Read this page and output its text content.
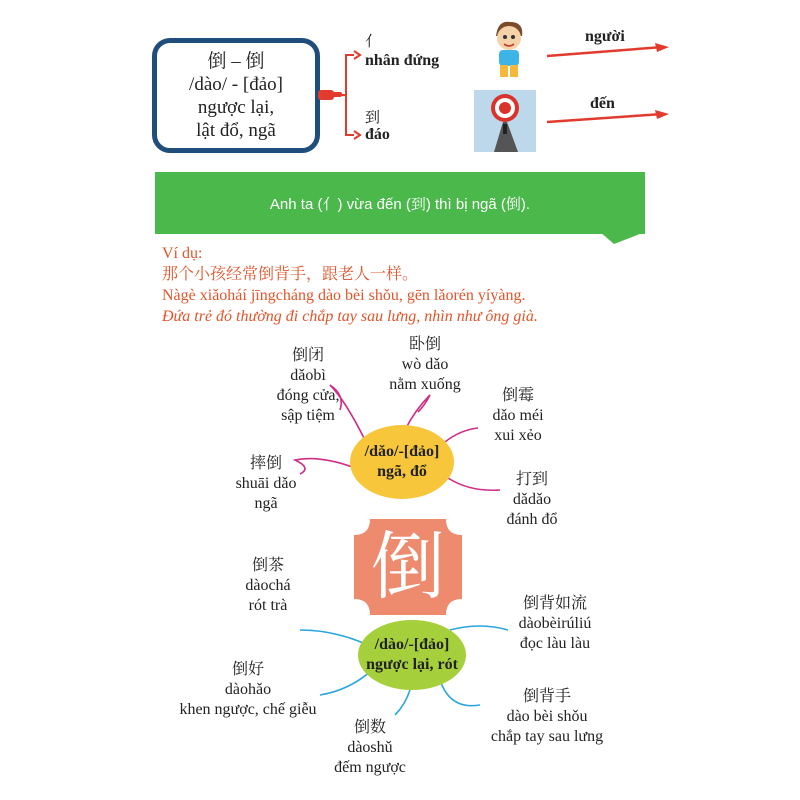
倒 – 倒
/dào/ - [đảo]
ngược lại,
lật đổ, ngã
亻
nhân đứng
到
đáo
người
đến
Anh ta (亻) vừa đến (到) thì bị ngã (倒).
Ví dụ:
那个小孩经常倒背手，跟老人一样。
Nàgè xiǎoháí jīngcháng dào bèi shǒu, gēn lǎorén yíyàng.
Đứa trẻ đó thường đi chắp tay sau lưng, nhìn như ông già.
倒
/dǎo/-[đảo]
ngã, đổ
/dào/-[đảo]
ngược lại, rót
倒闭
dǎobì
đóng cửa,
sập tiệm
卧倒
wò dǎo
nằm xuống
倒霉
dǎo méi
xui xẻo
摔倒
shuāi dǎo
ngã
打到
dǎdǎo
đánh đổ
倒茶
dàochá
rót trà	倒背如流
dàobèirúliú
đọc làu làu
倒好
dàohǎo
khen ngược, chế giễu
倒背手
dào bèi shǒu
chắp tay sau lưng
倒数
dàoshǔ
đếm ngược
